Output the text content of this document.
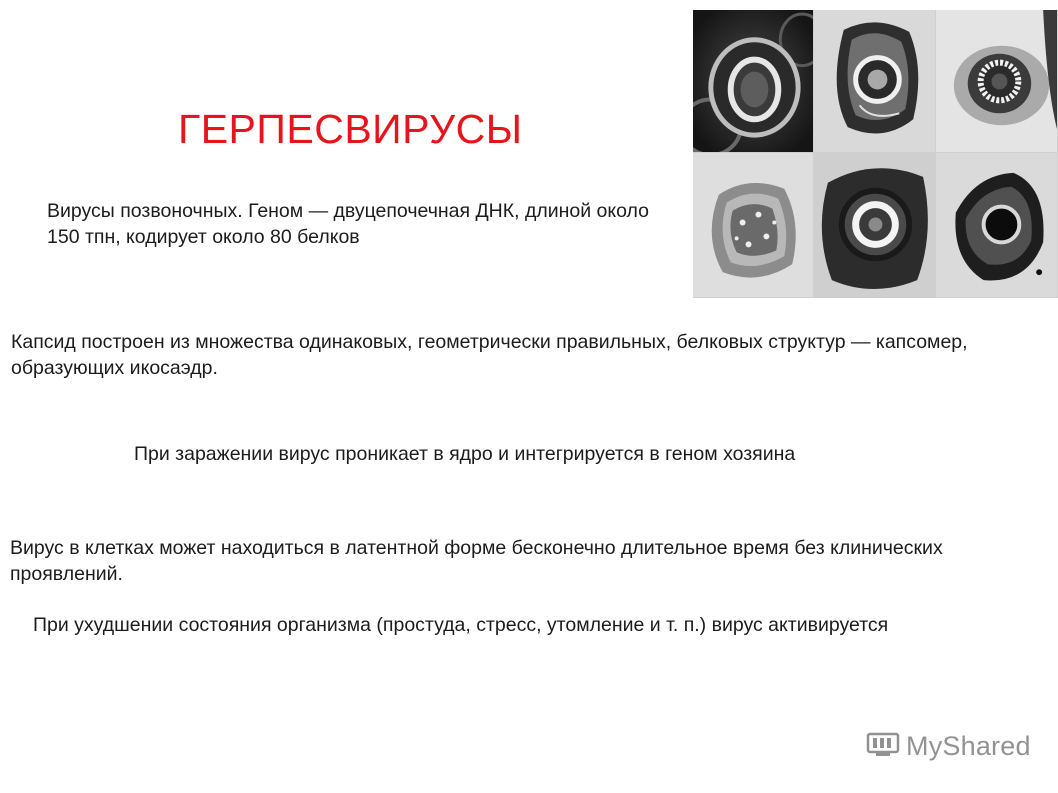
ГЕРПЕСВИРУСЫ
Вирусы позвоночных. Геном — двуцепочечная ДНК, длиной около 150 тпн, кодирует около 80 белков
Капсид построен из множества одинаковых, геометрически правильных, белковых структур — капсомер, образующих икосаэдр.
При заражении вирус проникает в ядро и интегрируется в геном хозяина
Вирус в клетках может находиться в латентной форме бесконечно длительное время без клинических проявлений.
При ухудшении состояния организма (простуда, стресс, утомление и т. п.) вирус активируется
MyShared
